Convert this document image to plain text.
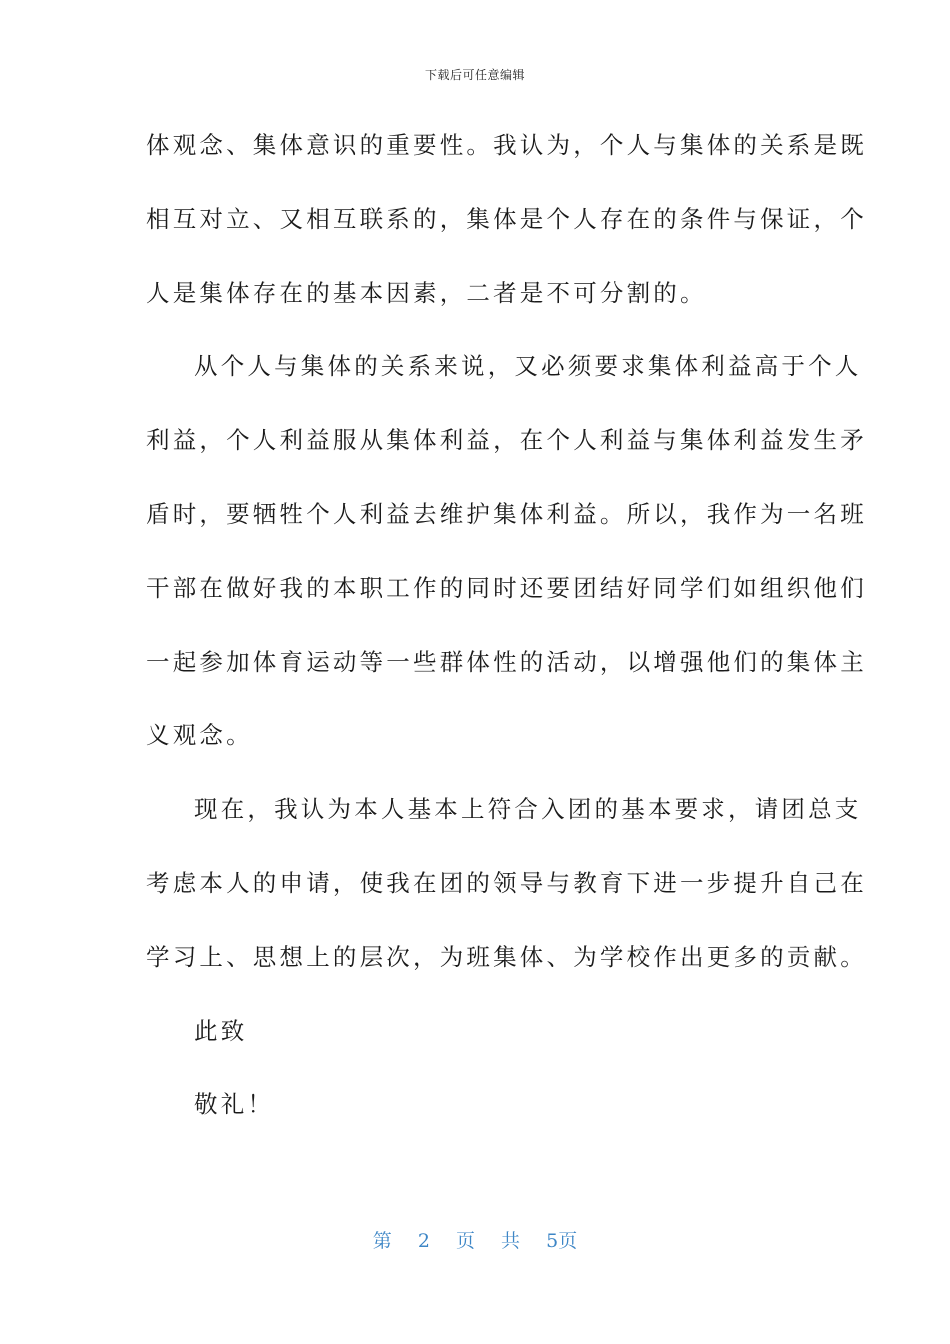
下载后可任意编辑
体观念、集体意识的重要性。我认为，个人与集体的关系是既
相互对立、又相互联系的，集体是个人存在的条件与保证，个
人是集体存在的基本因素，二者是不可分割的。
从个人与集体的关系来说，又必须要求集体利益高于个人
利益，个人利益服从集体利益，在个人利益与集体利益发生矛
盾时，要牺牲个人利益去维护集体利益。所以，我作为一名班
干部在做好我的本职工作的同时还要团结好同学们如组织他们
一起参加体育运动等一些群体性的活动，以增强他们的集体主
义观念。
现在，我认为本人基本上符合入团的基本要求，请团总支
考虑本人的申请，使我在团的领导与教育下进一步提升自己在
学习上、思想上的层次，为班集体、为学校作出更多的贡献。
此致
敬礼！
第 2 页 共 5页
